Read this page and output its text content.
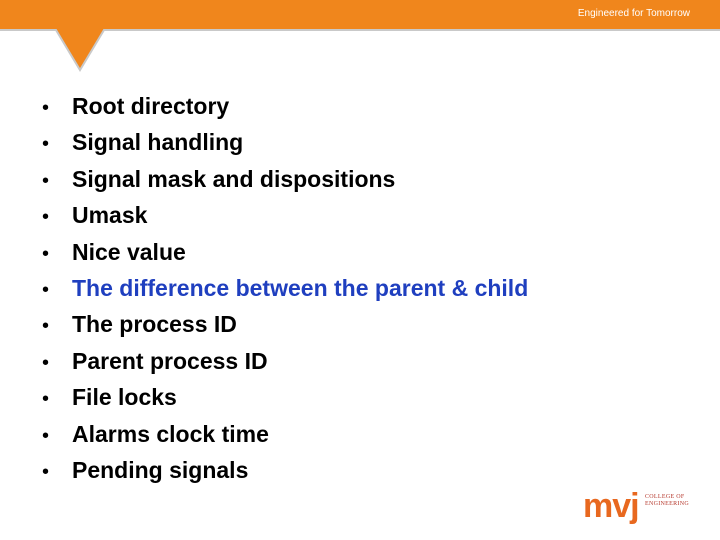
Engineered for Tomorrow
• Root directory
• Signal handling
• Signal mask and dispositions
• Umask
• Nice value
• The difference between the parent & child
• The process ID
• Parent process ID
• File locks
• Alarms clock time
• Pending signals
mvj COLLEGE OF
ENGINEERING
